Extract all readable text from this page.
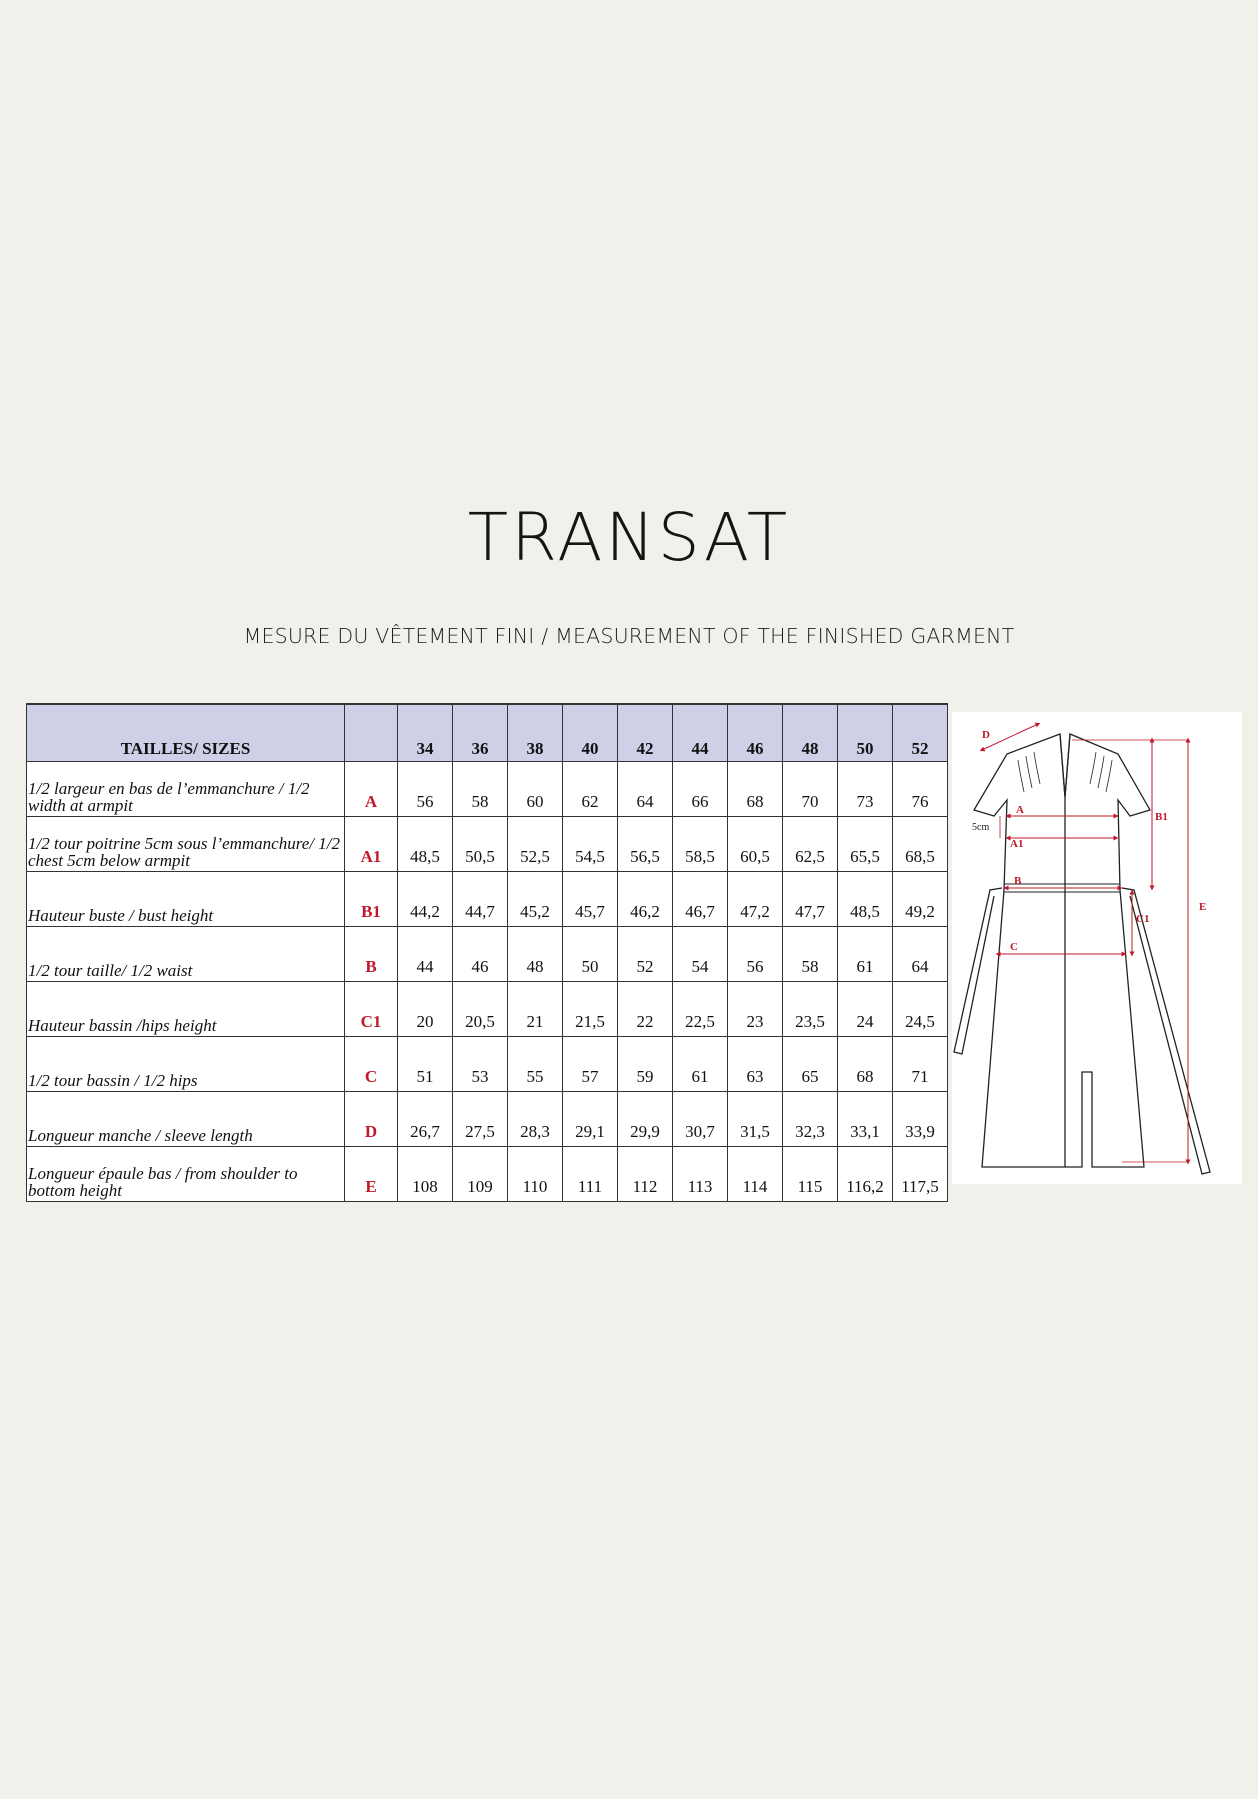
TRANSAT
MESURE DU VÊTEMENT FINI / MEASUREMENT OF THE FINISHED GARMENT
TAILLES/ SIZES		34	36	38	40	42	44	46	48	50	52
1/2 largeur en bas de l’emmanchure / 1/2 width at armpit	A	56	58	60	62	64	66	68	70	73	76
1/2 tour poitrine 5cm sous l’emmanchure/ 1/2 chest 5cm below armpit	A1	48,5	50,5	52,5	54,5	56,5	58,5	60,5	62,5	65,5	68,5
Hauteur buste / bust height	B1	44,2	44,7	45,2	45,7	46,2	46,7	47,2	47,7	48,5	49,2
1/2 tour taille/ 1/2 waist	B	44	46	48	50	52	54	56	58	61	64
Hauteur bassin /hips height	C1	20	20,5	21	21,5	22	22,5	23	23,5	24	24,5
1/2 tour bassin / 1/2 hips	C	51	53	55	57	59	61	63	65	68	71
Longueur manche / sleeve length	D	26,7	27,5	28,3	29,1	29,9	30,7	31,5	32,3	33,1	33,9
Longueur épaule bas / from shoulder to bottom height	E	108	109	110	111	112	113	114	115	116,2	117,5
D
A
A1
B
C
B1
C1
E
5cm
